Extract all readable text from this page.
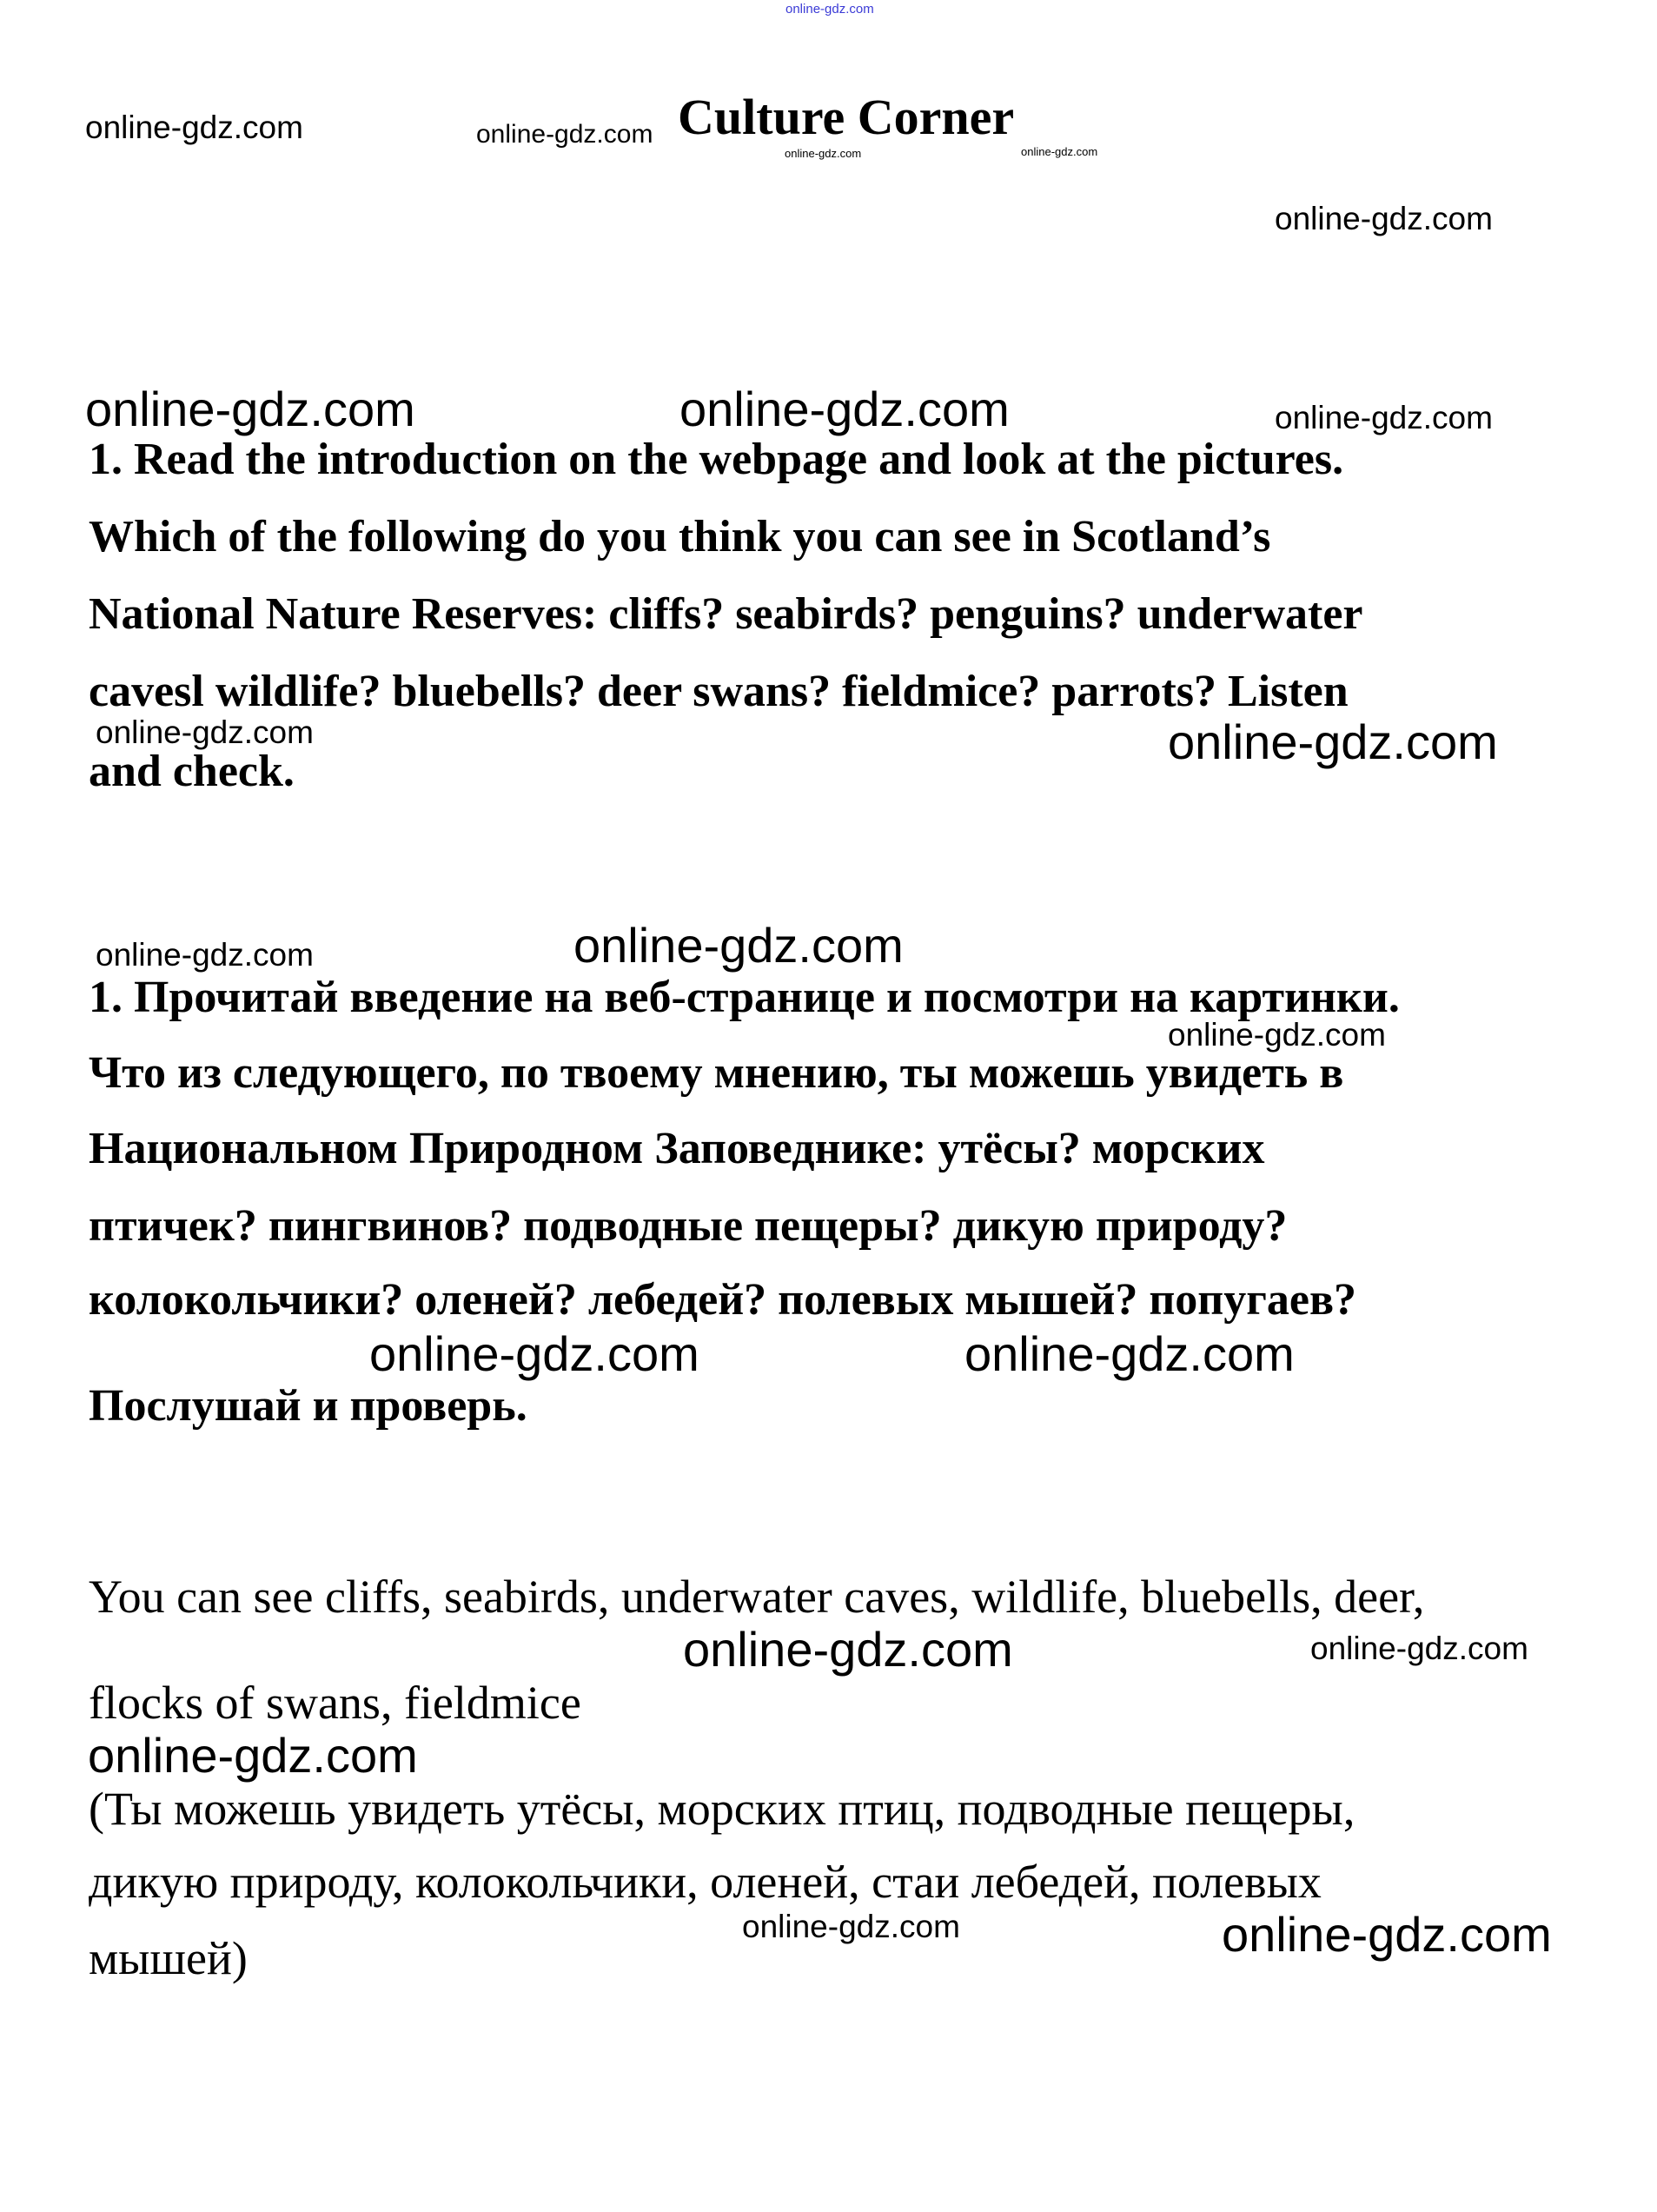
online-gdz.com
Culture Corner
1. Read the introduction on the webpage and look at the pictures.
Which of the following do you think you can see in Scotland’s
National Nature Reserves: cliffs? seabirds? penguins? underwater
cavesl wildlife? bluebells? deer swans? fieldmice? parrots? Listen
and check.
1. Прочитай введение на веб-странице и посмотри на картинки.
Что из следующего, по твоему мнению, ты можешь увидеть в
Национальном Природном Заповеднике: утёсы? морских
птичек? пингвинов? подводные пещеры? дикую природу?
колокольчики? оленей? лебедей? полевых мышей? попугаев?
Послушай и проверь.
You can see cliffs, seabirds, underwater caves, wildlife, bluebells, deer,
flocks of swans, fieldmice
(Ты можешь увидеть утёсы, морских птиц, подводные пещеры,
дикую природу, колокольчики, оленей, стаи лебедей, полевых
мышей)
online-gdz.com	online-gdz.com
online-gdz.com	online-gdz.com
online-gdz.com
online-gdz.com	online-gdz.com	online-gdz.com
online-gdz.com	online-gdz.com
online-gdz.com	online-gdz.com
online-gdz.com
online-gdz.com	online-gdz.com
online-gdz.com	online-gdz.com
online-gdz.com
online-gdz.com	online-gdz.com
